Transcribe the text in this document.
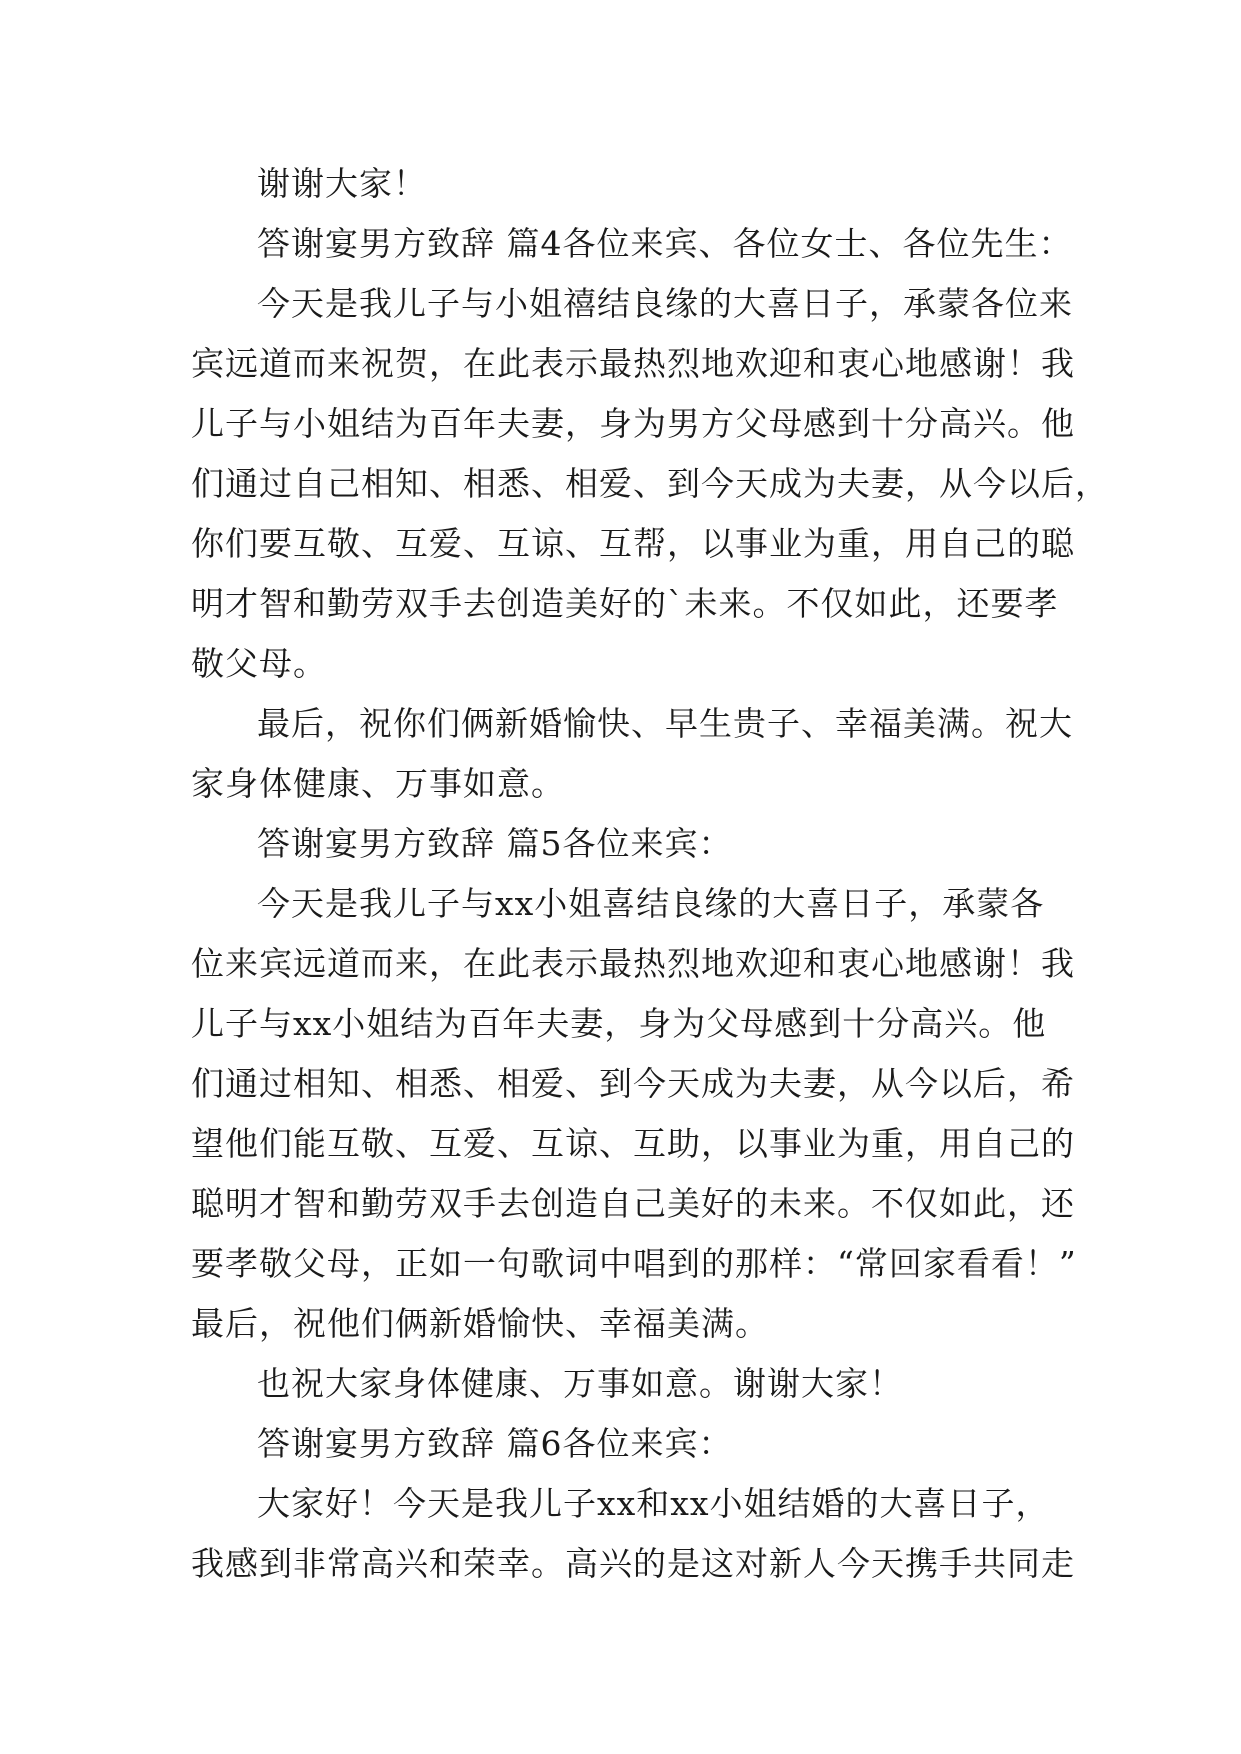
谢谢大家！
答谢宴男方致辞 篇4各位来宾、各位女士、各位先生：
今天是我儿子与小姐禧结良缘的大喜日子，承蒙各位来
宾远道而来祝贺，在此表示最热烈地欢迎和衷心地感谢！我
儿子与小姐结为百年夫妻，身为男方父母感到十分高兴。他
们通过自己相知、相悉、相爱、到今天成为夫妻，从今以后，
你们要互敬、互爱、互谅、互帮，以事业为重，用自己的聪
明才智和勤劳双手去创造美好的`未来。不仅如此，还要孝
敬父母。
最后，祝你们俩新婚愉快、早生贵子、幸福美满。祝大
家身体健康、万事如意。
答谢宴男方致辞 篇5各位来宾：
今天是我儿子与xx小姐喜结良缘的大喜日子，承蒙各
位来宾远道而来，在此表示最热烈地欢迎和衷心地感谢！我
儿子与xx小姐结为百年夫妻，身为父母感到十分高兴。他
们通过相知、相悉、相爱、到今天成为夫妻，从今以后，希
望他们能互敬、互爱、互谅、互助，以事业为重，用自己的
聪明才智和勤劳双手去创造自己美好的未来。不仅如此，还
要孝敬父母，正如一句歌词中唱到的那样：“常回家看看！”
最后，祝他们俩新婚愉快、幸福美满。
也祝大家身体健康、万事如意。谢谢大家！
答谢宴男方致辞 篇6各位来宾：
大家好！今天是我儿子xx和xx小姐结婚的大喜日子，
我感到非常高兴和荣幸。高兴的是这对新人今天携手共同走
